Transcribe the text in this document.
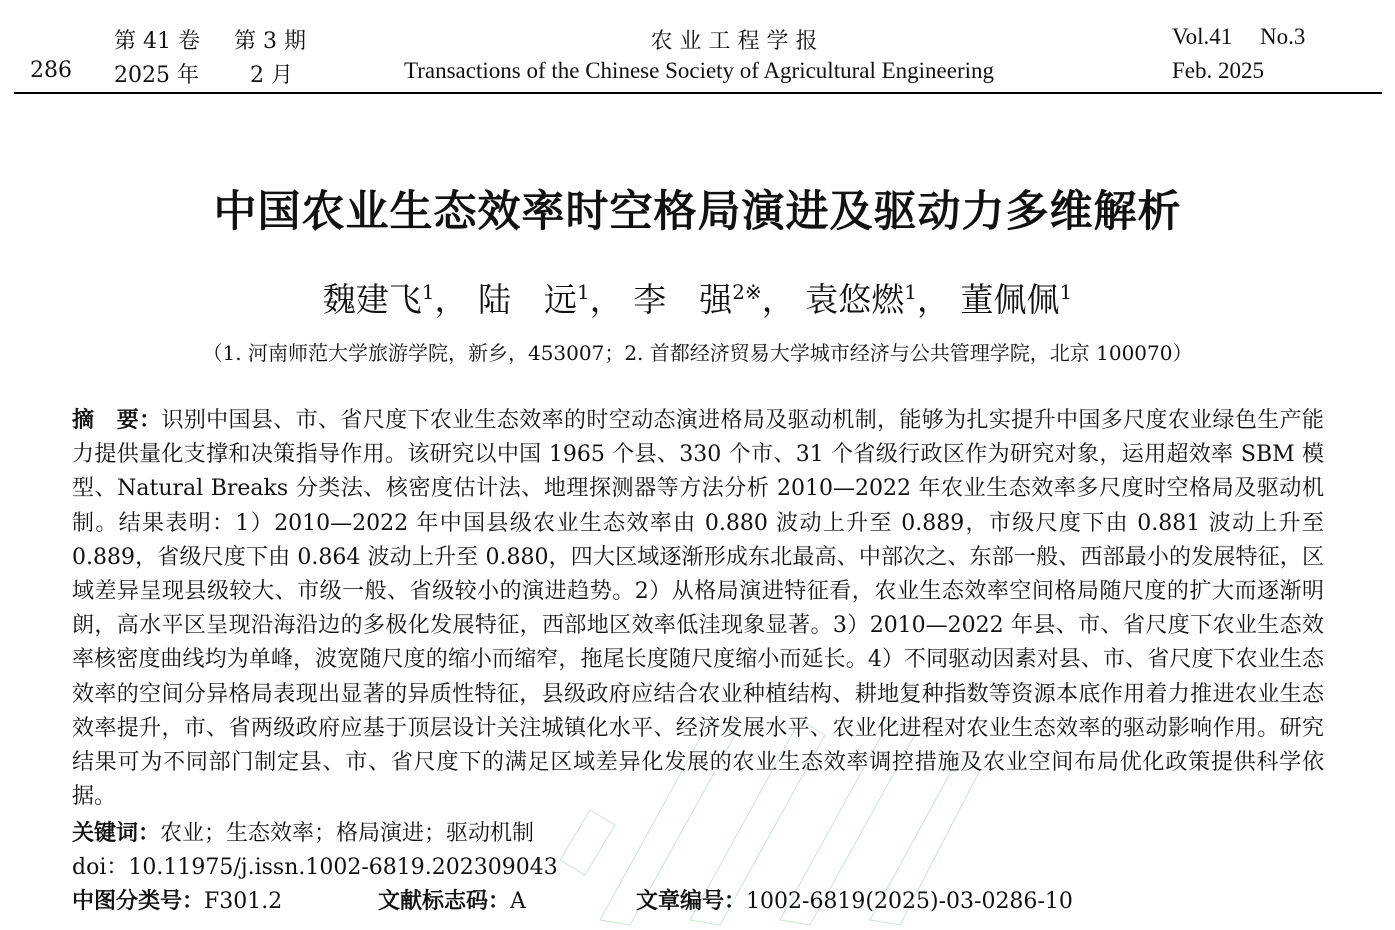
286
第 41 卷 第 3 期
2025 年 2 月
农 业 工 程 学 报
Transactions of the Chinese Society of Agricultural Engineering
Vol.41 No.3
Feb. 2025
中国农业生态效率时空格局演进及驱动力多维解析
魏建飞$^1$， 陆　远$^1$， 李　强$^{2※}$， 袁悠燃$^1$， 董佩佩$^1$
（1. 河南师范大学旅游学院，新乡，453007；2. 首都经济贸易大学城市经济与公共管理学院，北京 100070）
摘　要：识别中国县、市、省尺度下农业生态效率的时空动态演进格局及驱动机制，能够为扎实提升中国多尺度农业绿色生产能力提供量化支撑和决策指导作用。该研究以中国 1965 个县、330 个市、31 个省级行政区作为研究对象，运用超效率 SBM 模型、Natural Breaks 分类法、核密度估计法、地理探测器等方法分析 2010—2022 年农业生态效率多尺度时空格局及驱动机制。结果表明：1）2010—2022 年中国县级农业生态效率由 0.880 波动上升至 0.889，市级尺度下由 0.881 波动上升至 0.889，省级尺度下由 0.864 波动上升至 0.880，四大区域逐渐形成东北最高、中部次之、东部一般、西部最小的发展特征，区域差异呈现县级较大、市级一般、省级较小的演进趋势。2）从格局演进特征看，农业生态效率空间格局随尺度的扩大而逐渐明朗，高水平区呈现沿海沿边的多极化发展特征，西部地区效率低洼现象显著。3）2010—2022 年县、市、省尺度下农业生态效率核密度曲线均为单峰，波宽随尺度的缩小而缩窄，拖尾长度随尺度缩小而延长。4）不同驱动因素对县、市、省尺度下农业生态效率的空间分异格局表现出显著的异质性特征，县级政府应结合农业种植结构、耕地复种指数等资源本底作用着力推进农业生态效率提升，市、省两级政府应基于顶层设计关注城镇化水平、经济发展水平、农业化进程对农业生态效率的驱动影响作用。研究结果可为不同部门制定县、市、省尺度下的满足区域差异化发展的农业生态效率调控措施及农业空间布局优化政策提供科学依据。
关键词：农业；生态效率；格局演进；驱动机制
doi：10.11975/j.issn.1002-6819.202309043
中图分类号：F301.2	文献标志码：A	文章编号：1002-6819(2025)-03-0286-10
